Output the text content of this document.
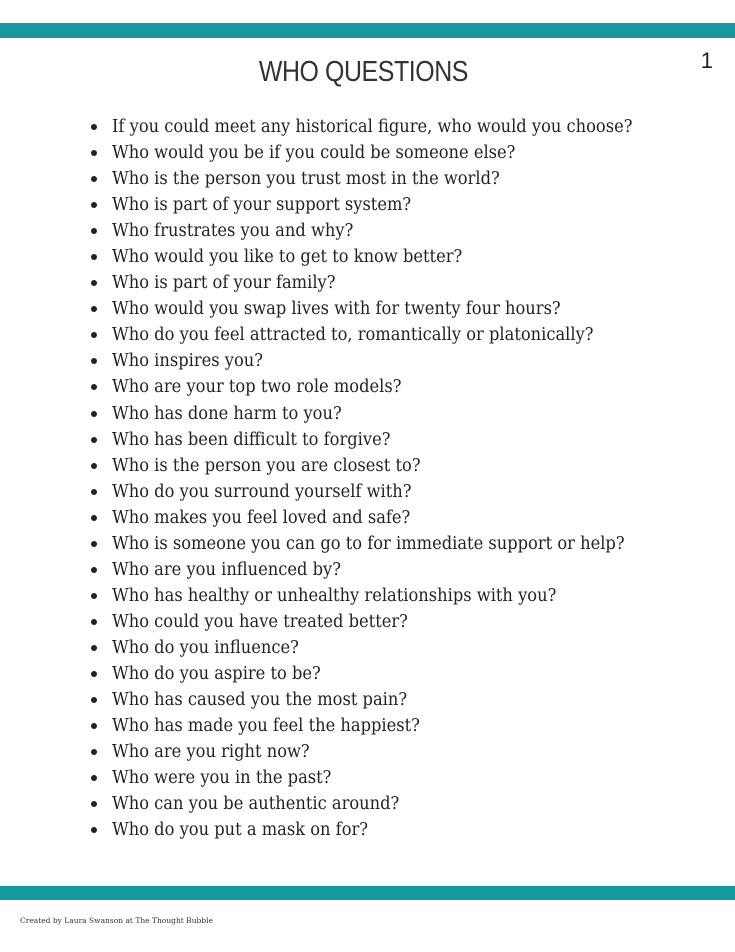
1
WHO QUESTIONS
If you could meet any historical figure, who would you choose?
Who would you be if you could be someone else?
Who is the person you trust most in the world?
Who is part of your support system?
Who frustrates you and why?
Who would you like to get to know better?
Who is part of your family?
Who would you swap lives with for twenty four hours?
Who do you feel attracted to, romantically or platonically?
Who inspires you?
Who are your top two role models?
Who has done harm to you?
Who has been difficult to forgive?
Who is the person you are closest to?
Who do you surround yourself with?
Who makes you feel loved and safe?
Who is someone you can go to for immediate support or help?
Who are you influenced by?
Who has healthy or unhealthy relationships with you?
Who could you have treated better?
Who do you influence?
Who do you aspire to be?
Who has caused you the most pain?
Who has made you feel the happiest?
Who are you right now?
Who were you in the past?
Who can you be authentic around?
Who do you put a mask on for?
Created by Laura Swanson at The Thought Bubble
